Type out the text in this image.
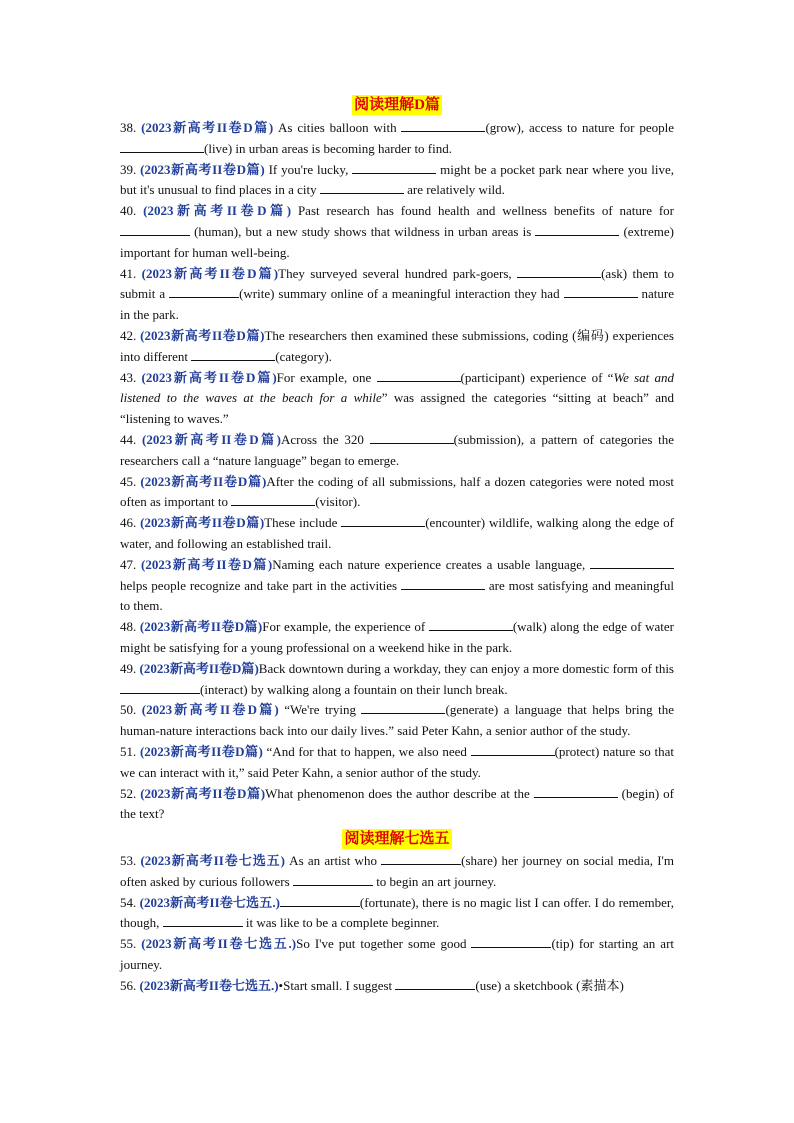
阅读理解D篇

38. (2023新高考II卷D篇) As cities balloon with	(grow), access to nature for people (live) in urban areas is becoming harder to find.

39. (2023新高考II卷D篇) If you're lucky,	might be a pocket park near where you live, but it's unusual to find places in a city	are relatively wild.

40. (2023新高考II卷D篇) Past research has found health and wellness benefits of nature for  (human), but a new study shows that wildness in urban areas is	(extreme) important for human well-being.

41. (2023新高考II卷D篇)They surveyed several hundred park-goers,	(ask) them to submit a	(write) summary online of a meaningful interaction they had	nature in the park.

42. (2023新高考II卷D篇)The researchers then examined these submissions, coding (编码) experiences into different	(category).

43. (2023新高考II卷D篇)For example, one	(participant) experience of “We sat and listened to the waves at the beach for a while” was assigned the categories “sitting at beach” and “listening to waves.”

44. (2023新高考II卷D篇)Across the 320	(submission), a pattern of categories the researchers call a “nature language” began to emerge.

45. (2023新高考II卷D篇)After the coding of all submissions, half a dozen categories were noted most often as important to	(visitor).

46. (2023新高考II卷D篇)These include	(encounter) wildlife, walking along the edge of water, and following an established trail.

47. (2023新高考II卷D篇)Naming each nature experience creates a usable language,  helps people recognize and take part in the activities	are most satisfying and meaningful to them.

48. (2023新高考II卷D篇)For example, the experience of	(walk) along the edge of water might be satisfying for a young professional on a weekend hike in the park.

49. (2023新高考II卷D篇)Back downtown during a workday, they can enjoy a more domestic form of this (interact) by walking along a fountain on their lunch break.

50. (2023新高考II卷D篇) “We're trying	(generate) a language that helps bring the human-nature interactions back into our daily lives.” said Peter Kahn, a senior author of the study.

51. (2023新高考II卷D篇) “And for that to happen, we also need	(protect) nature so that we can interact with it,” said Peter Kahn, a senior author of the study.

52. (2023新高考II卷D篇)What phenomenon does the author describe at the	(begin) of the text?

阅读理解七选五

53. (2023新高考II卷七选五) As an artist who	(share) her journey on social media, I'm often asked by curious followers	to begin an art journey.

54. (2023新高考II卷七选五.)	(fortunate), there is no magic list I can offer. I do remember, though,	it was like to be a complete beginner.

55. (2023新高考II卷七选五.)So I've put together some good	(tip) for starting an art journey.

56. (2023新高考II卷七选五.)•Start small. I suggest	(use) a sketchbook (素描本)
